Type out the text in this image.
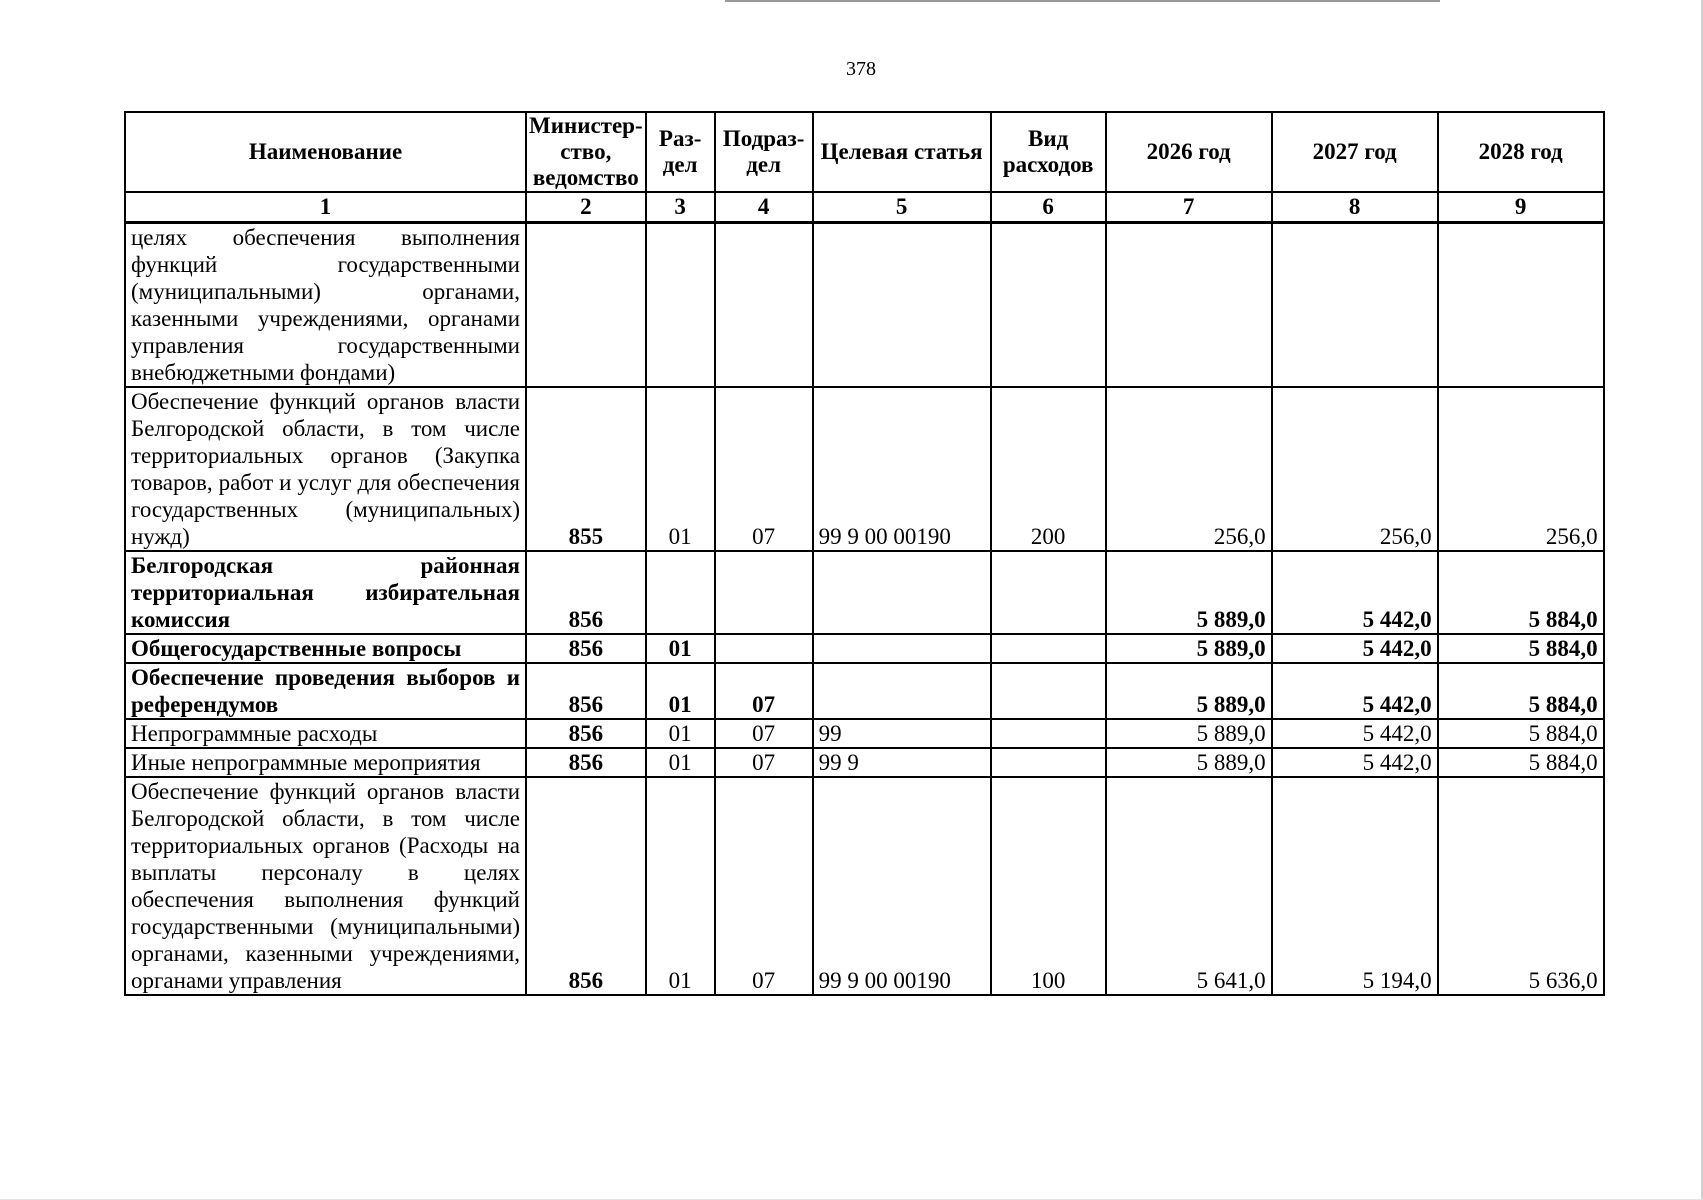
378
Наименование	Министер-ство, ведомство	Раз-дел	Подраз-дел	Целевая статья	Вид расходов	2026 год	2027 год	2028 год
1	2	3	4	5	6	7	8	9
целях обеспечения выполнения функций государственными (муниципальными) органами, казенными учреждениями, органами управления государственными внебюджетными фондами)								
Обеспечение функций органов власти Белгородской области, в том числе территориальных органов (Закупка товаров, работ и услуг для обеспечения государственных (муниципальных) нужд)	855	01	07	99 9 00 00190	200	256,0	256,0	256,0
Белгородская районная территориальная избирательная комиссия	856					5 889,0	5 442,0	5 884,0
Общегосударственные вопросы	856	01				5 889,0	5 442,0	5 884,0
Обеспечение проведения выборов и референдумов	856	01	07			5 889,0	5 442,0	5 884,0
Непрограммные расходы	856	01	07	99		5 889,0	5 442,0	5 884,0
Иные непрограммные мероприятия	856	01	07	99 9		5 889,0	5 442,0	5 884,0
Обеспечение функций органов власти Белгородской области, в том числе территориальных органов (Расходы на выплаты персоналу в целях обеспечения выполнения функций государственными (муниципальными) органами, казенными учреждениями, органами управления	856	01	07	99 9 00 00190	100	5 641,0	5 194,0	5 636,0
